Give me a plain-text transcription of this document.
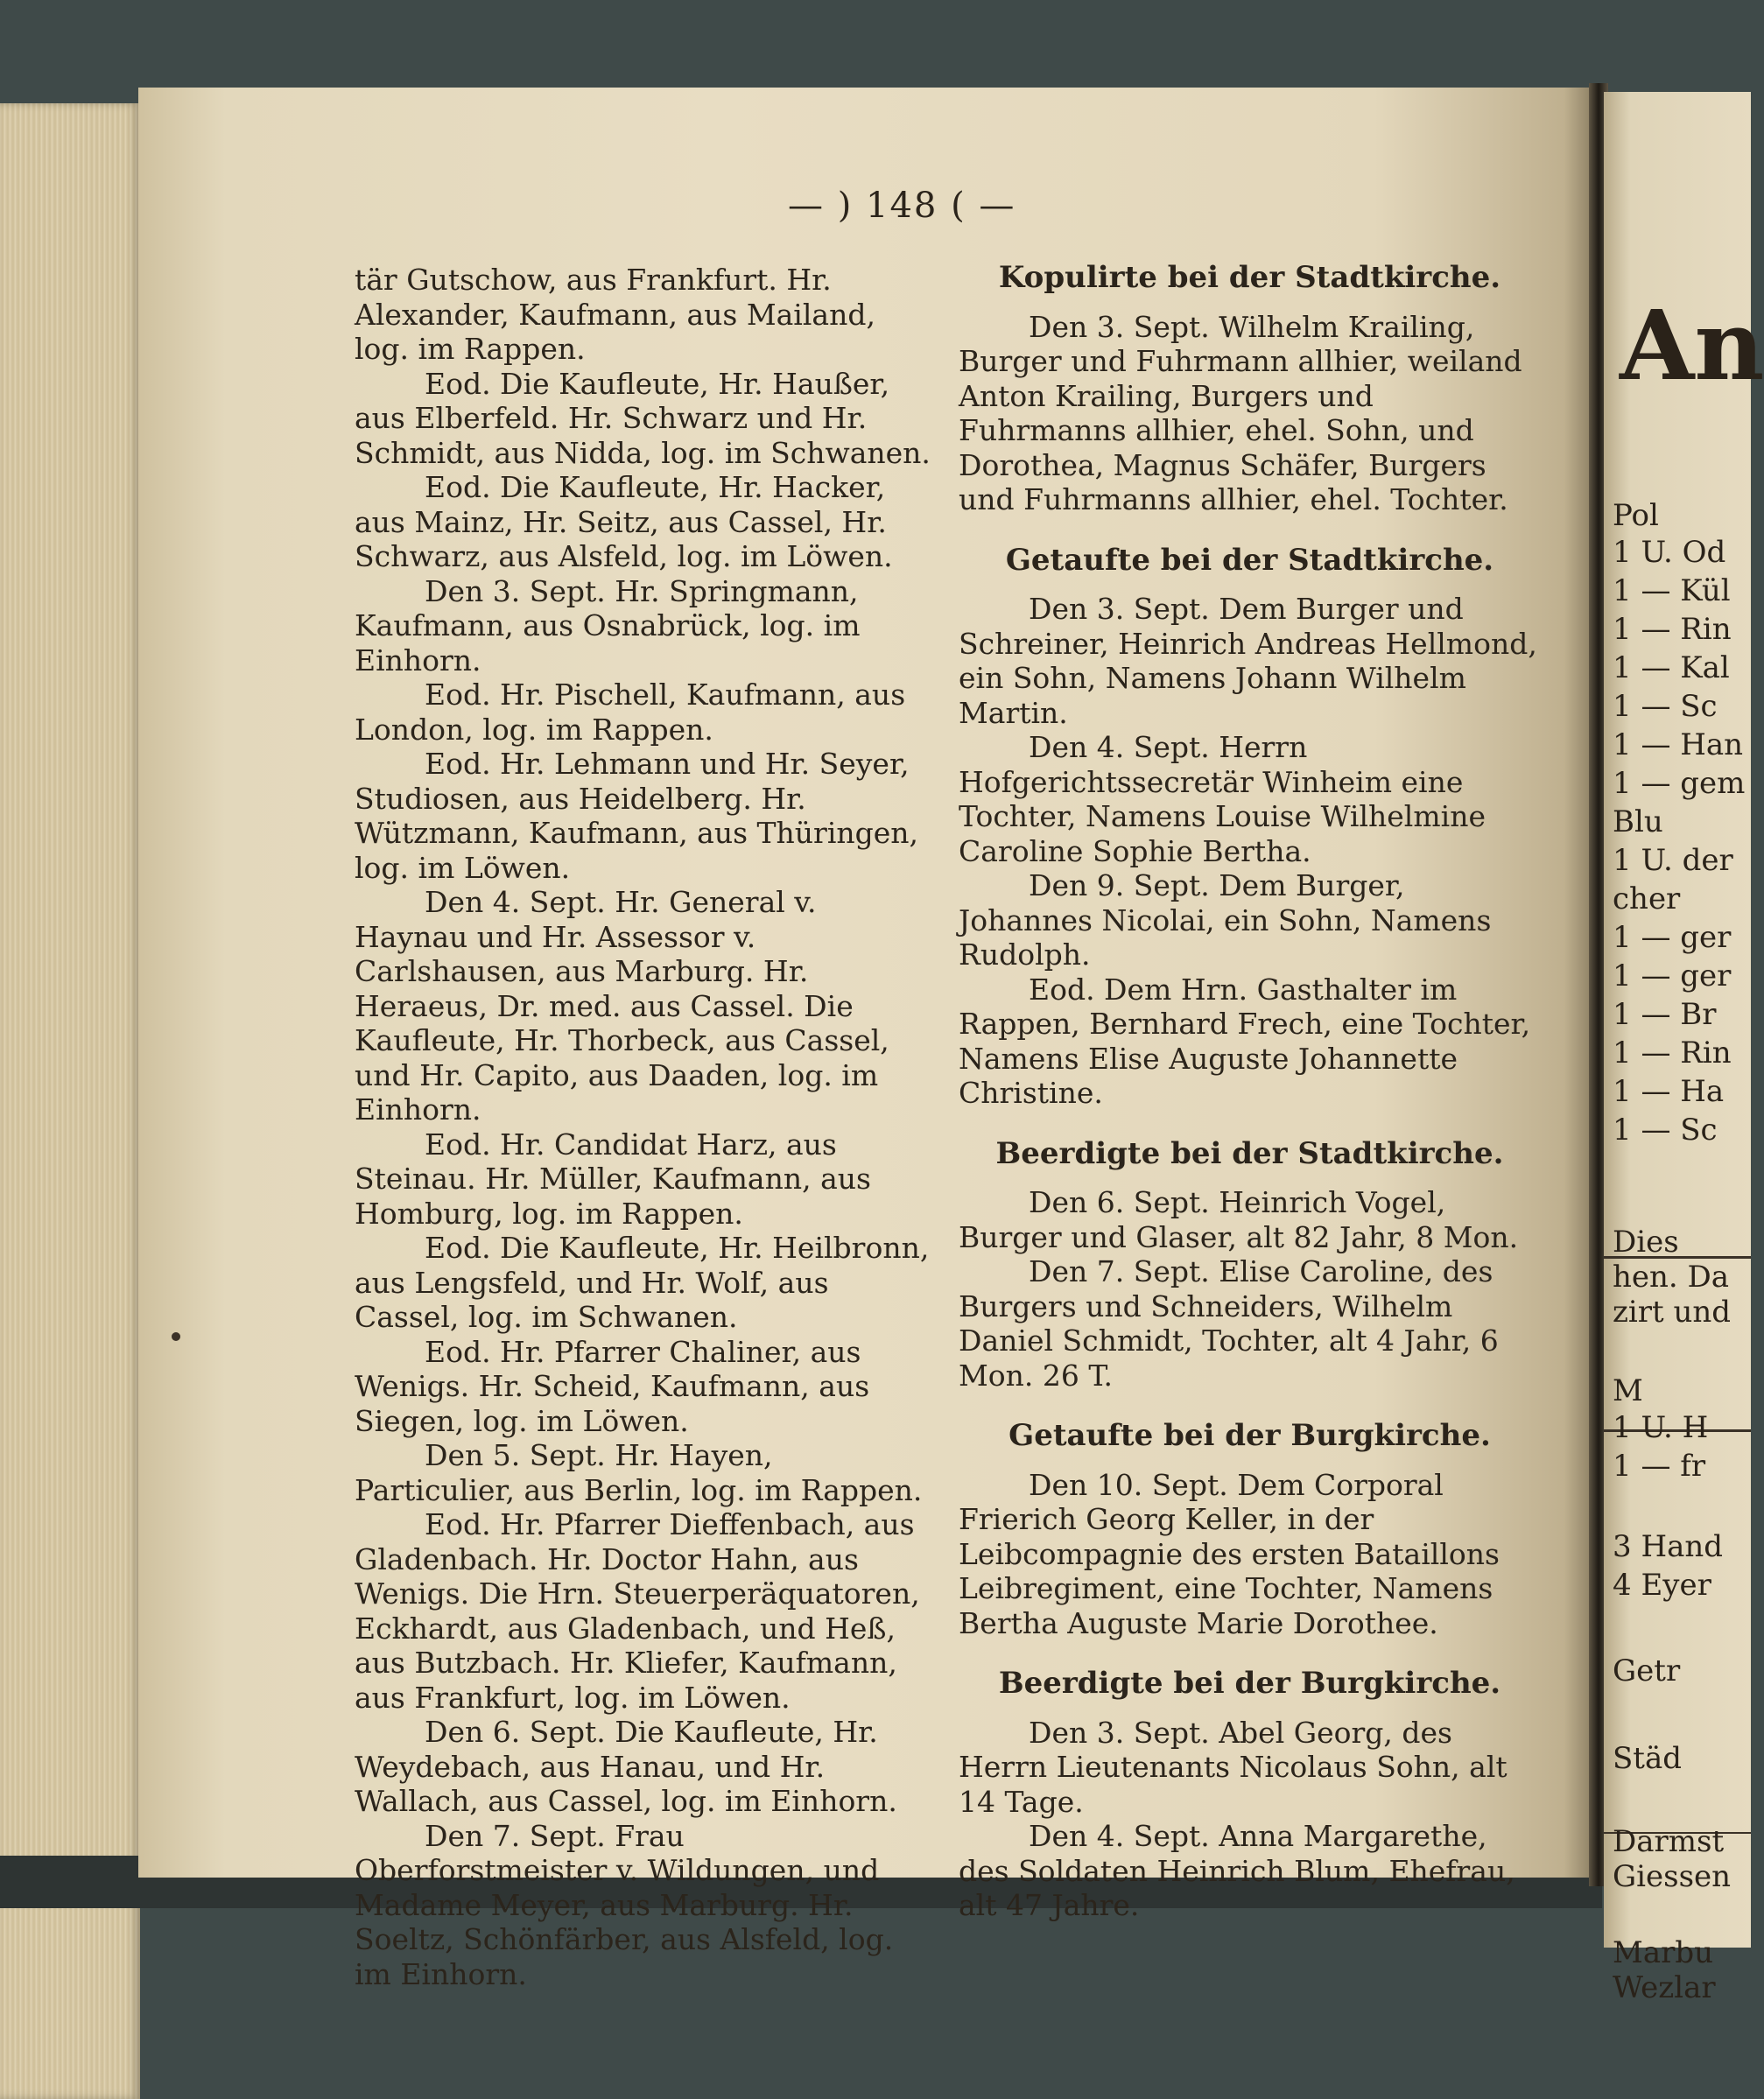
— ) 148 ( —

tär Gutschow, aus Frankfurt. Hr. Alexander, Kaufmann, aus Mailand, log. im Rappen.

Eod. Die Kaufleute, Hr. Haußer, aus Elberfeld. Hr. Schwarz und Hr. Schmidt, aus Nidda, log. im Schwanen.

Eod. Die Kaufleute, Hr. Hacker, aus Mainz, Hr. Seitz, aus Cassel, Hr. Schwarz, aus Alsfeld, log. im Löwen.

Den 3. Sept. Hr. Springmann, Kaufmann, aus Osnabrück, log. im Einhorn.

Eod. Hr. Pischell, Kaufmann, aus London, log. im Rappen.

Eod. Hr. Lehmann und Hr. Seyer, Studiosen, aus Heidelberg. Hr. Wützmann, Kaufmann, aus Thüringen, log. im Löwen.

Den 4. Sept. Hr. General v. Haynau und Hr. Assessor v. Carlshausen, aus Marburg. Hr. Heraeus, Dr. med. aus Cassel. Die Kaufleute, Hr. Thorbeck, aus Cassel, und Hr. Capito, aus Daaden, log. im Einhorn.

Eod. Hr. Candidat Harz, aus Steinau. Hr. Müller, Kaufmann, aus Homburg, log. im Rappen.

Eod. Die Kaufleute, Hr. Heilbronn, aus Lengsfeld, und Hr. Wolf, aus Cassel, log. im Schwanen.

Eod. Hr. Pfarrer Chaliner, aus Wenigs. Hr. Scheid, Kaufmann, aus Siegen, log. im Löwen.

Den 5. Sept. Hr. Hayen, Particulier, aus Berlin, log. im Rappen.

Eod. Hr. Pfarrer Dieffenbach, aus Gladenbach. Hr. Doctor Hahn, aus Wenigs. Die Hrn. Steuerperäquatoren, Eckhardt, aus Gladenbach, und Heß, aus Butzbach. Hr. Kliefer, Kaufmann, aus Frankfurt, log. im Löwen.

Den 6. Sept. Die Kaufleute, Hr. Weydebach, aus Hanau, und Hr. Wallach, aus Cassel, log. im Einhorn.

Den 7. Sept. Frau Oberforstmeister v. Wildungen, und Madame Meyer, aus Marburg. Hr. Soeltz, Schönfärber, aus Alsfeld, log. im Einhorn.

Kopulirte bei der Stadtkirche.

Den 3. Sept. Wilhelm Krailing, Burger und Fuhrmann allhier, weiland Anton Krailing, Burgers und Fuhrmanns allhier, ehel. Sohn, und Dorothea, Magnus Schäfer, Burgers und Fuhrmanns allhier, ehel. Tochter.

Getaufte bei der Stadtkirche.

Den 3. Sept. Dem Burger und Schreiner, Heinrich Andreas Hellmond, ein Sohn, Namens Johann Wilhelm Martin.

Den 4. Sept. Herrn Hofgerichtssecretär Winheim eine Tochter, Namens Louise Wilhelmine Caroline Sophie Bertha.

Den 9. Sept. Dem Burger, Johannes Nicolai, ein Sohn, Namens Rudolph.

Eod. Dem Hrn. Gasthalter im Rappen, Bernhard Frech, eine Tochter, Namens Elise Auguste Johannette Christine.

Beerdigte bei der Stadtkirche.

Den 6. Sept. Heinrich Vogel, Burger und Glaser, alt 82 Jahr, 8 Mon.

Den 7. Sept. Elise Caroline, des Burgers und Schneiders, Wilhelm Daniel Schmidt, Tochter, alt 4 Jahr, 6 Mon. 26 T.

Getaufte bei der Burgkirche.

Den 10. Sept. Dem Corporal Frierich Georg Keller, in der Leibcompagnie des ersten Bataillons Leibregiment, eine Tochter, Namens Bertha Auguste Marie Dorothee.

Beerdigte bei der Burgkirche.

Den 3. Sept. Abel Georg, des Herrn Lieutenants Nicolaus Sohn, alt 14 Tage.

Den 4. Sept. Anna Margarethe, des Soldaten Heinrich Blum, Ehefrau, alt 47 Jahre.

An
Pol
1 U. Od
1 — Kül
1 — Rin
1 — Kal
1 — Sc
1 — Han
1 — gem
Blu
1 U. der
cher
1 — ger
1 — ger
1 — Br
1 — Rin
1 — Ha
1 — Sc
Dies
hen. Da
zirt und
M
1 U. H
1 — fr
3 Hand
4 Eyer
Getr
Städ
Darmst
Giessen
Marbu
Wezlar
